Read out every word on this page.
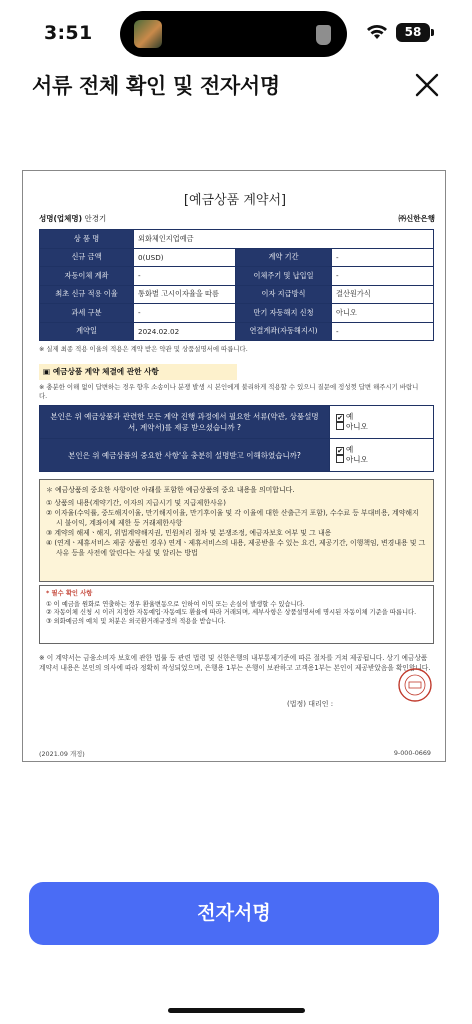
3:51	58
서류 전체 확인 및 전자서명
[예금상품 계약서]
성명(업체명) 안경기	㈜신한은행
상 품 명	외화체인지업예금		
신규 금액	0(USD)	계약 기간	-
자동이체 계좌	-	이체주기 및 납입일	-
최초 신규 적용 이율	통화별 고시이자율을 따름	이자 지급방식	결산원가식
과세 구분	-	만기 자동해지 신청	아니오
계약일	2024.02.02	연결계좌(자동해지시)	-
※ 실제 최종 적용 이율의 적용은 계약 받은 약관 및 상품설명서에 따릅니다.
▣ 예금상품 계약 체결에 관한 사항
※ 충분한 이해 없이 답변하는 경우 향후 소송이나 분쟁 발생 시 본인에게 불리하게 적용할 수 있으니 질문에 정성껏 답변 해주시기 바랍니다.
본인은 위 예금상품과 관련한 모든 계약 진행 과정에서 필요한 서류(약관, 상품설명서, 계약서)를 제공 받으셨습니까 ?	✔ 예
아니오

본인은 위 예금상품의 중요한 사항'을 충분히 설명받고 이해하였습니까?	✔ 예
아니오
＊ 예금상품의 중요한 사항이란 아래를 포함한 예금상품의 중요 내용을 의미합니다.
① 상품의 내용(계약기간, 이자의 지급시기 및 지급제한사유)
② 이자율(수익률, 중도해지이율, 만기해지이율, 만기후이율 및 각 이율에 대한 산출근거 포함), 수수료 등 부대비용, 계약해지 시 불이익, 계좌이체 제한 등 거래제한사항
③ 계약의 해제ㆍ해지, 위법계약해지권, 민원처리 절차 및 분쟁조정, 예금자보호 여부 및 그 내용
④ (연계ㆍ제휴서비스 제공 상품인 경우) 연계ㆍ제휴서비스의 내용, 제공받을 수 있는 요건, 제공기간, 이행책임, 변경내용 및 그 사유 등을 사전에 알린다는 사실 및 알리는 방법
* 필수 확인 사항
① 이 예금을 원화로 연출하는 경우 환율변동으로 인하여 이익 또는 손실이 발생할 수 있습니다.
② 자동이체 신청 시 이러 지정한 자동예입·자동예도 환율에 따라 거래되며, 세부사항은 상품설명서에 명시된 자동이체 기준을 따릅니다.
③ 외화예금의 예치 및 처분은 외국환거래규정의 적용을 받습니다.
※ 이 계약서는 금융소비자 보호에 관한 법률 등 관련 법령 및 신한은행의 내부통제기준에 따른 절차를 거쳐 제공됩니다. 상기 예금상품 계약서 내용은 본인의 의사에 따라 정확히 작성되었으며, 은행용 1부는 은행이 보관하고 고객용1부는 본인이 제공받았음을 확인합니다.
(법정) 대리인 :
(2021.09 개정)	9-000-0669
전자서명
